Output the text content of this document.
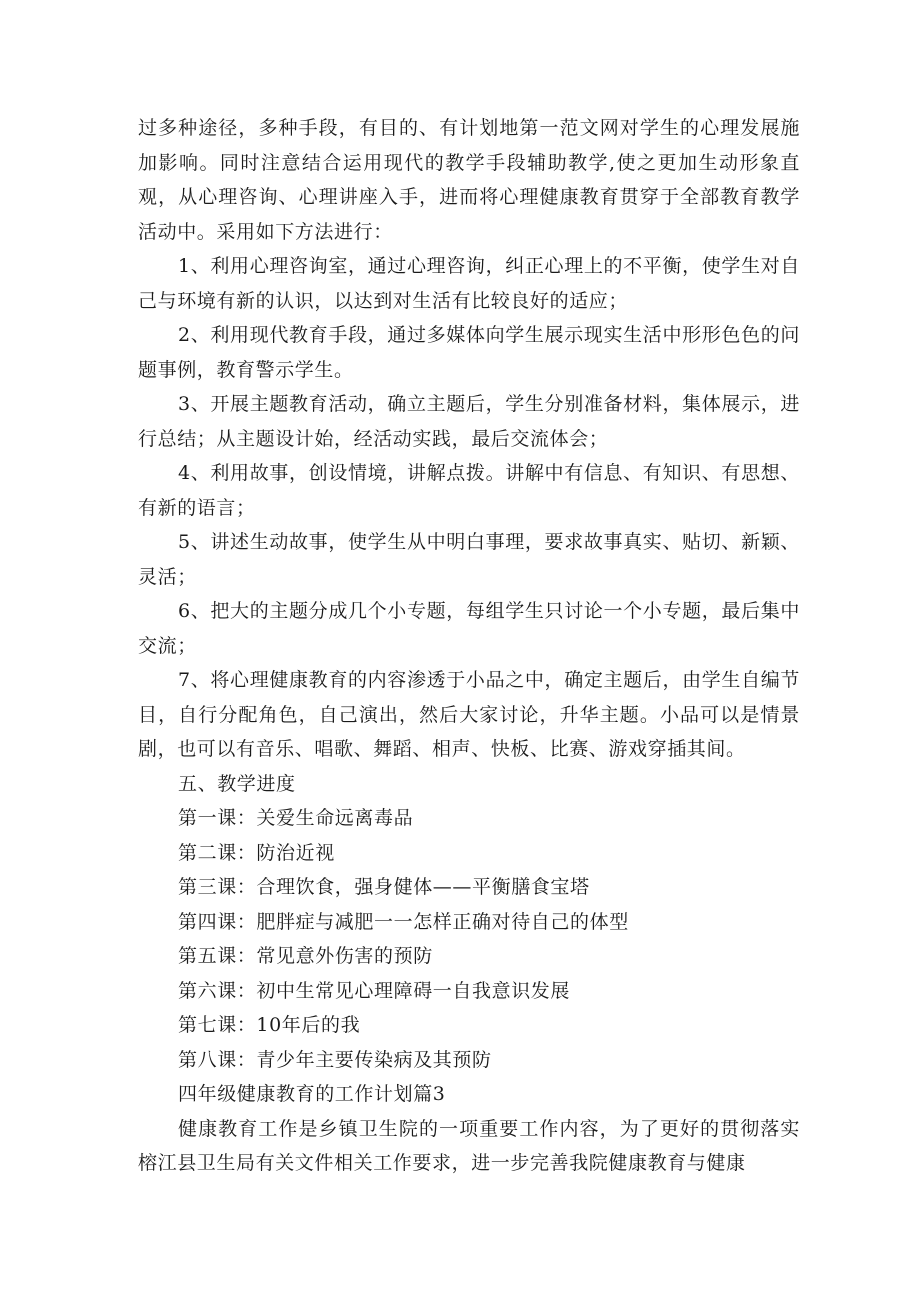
过多种途径，多种手段，有目的、有计划地第一范文网对学生的心理发展施加影响。同时注意结合运用现代的教学手段辅助教学,使之更加生动形象直观，从心理咨询、心理讲座入手，进而将心理健康教育贯穿于全部教育教学活动中。采用如下方法进行：

1、利用心理咨询室，通过心理咨询，纠正心理上的不平衡，使学生对自己与环境有新的认识，以达到对生活有比较良好的适应；

2、利用现代教育手段，通过多媒体向学生展示现实生活中形形色色的问题事例，教育警示学生。

3、开展主题教育活动，确立主题后，学生分别准备材料，集体展示，进行总结；从主题设计始，经活动实践，最后交流体会；

4、利用故事，创设情境，讲解点拨。讲解中有信息、有知识、有思想、有新的语言；

5、讲述生动故事，使学生从中明白事理，要求故事真实、贴切、新颖、灵活；

6、把大的主题分成几个小专题，每组学生只讨论一个小专题，最后集中交流；

7、将心理健康教育的内容渗透于小品之中，确定主题后，由学生自编节目，自行分配角色，自己演出，然后大家讨论，升华主题。小品可以是情景剧，也可以有音乐、唱歌、舞蹈、相声、快板、比赛、游戏穿插其间。

五、教学进度

第一课：关爱生命远离毒品

第二课：防治近视

第三课：合理饮食，强身健体——平衡膳食宝塔

第四课：肥胖症与减肥一一怎样正确对待自己的体型

第五课：常见意外伤害的预防

第六课：初中生常见心理障碍一自我意识发展

第七课：10年后的我

第八课：青少年主要传染病及其预防

四年级健康教育的工作计划篇3

健康教育工作是乡镇卫生院的一项重要工作内容，为了更好的贯彻落实榕江县卫生局有关文件相关工作要求，进一步完善我院健康教育与健康
